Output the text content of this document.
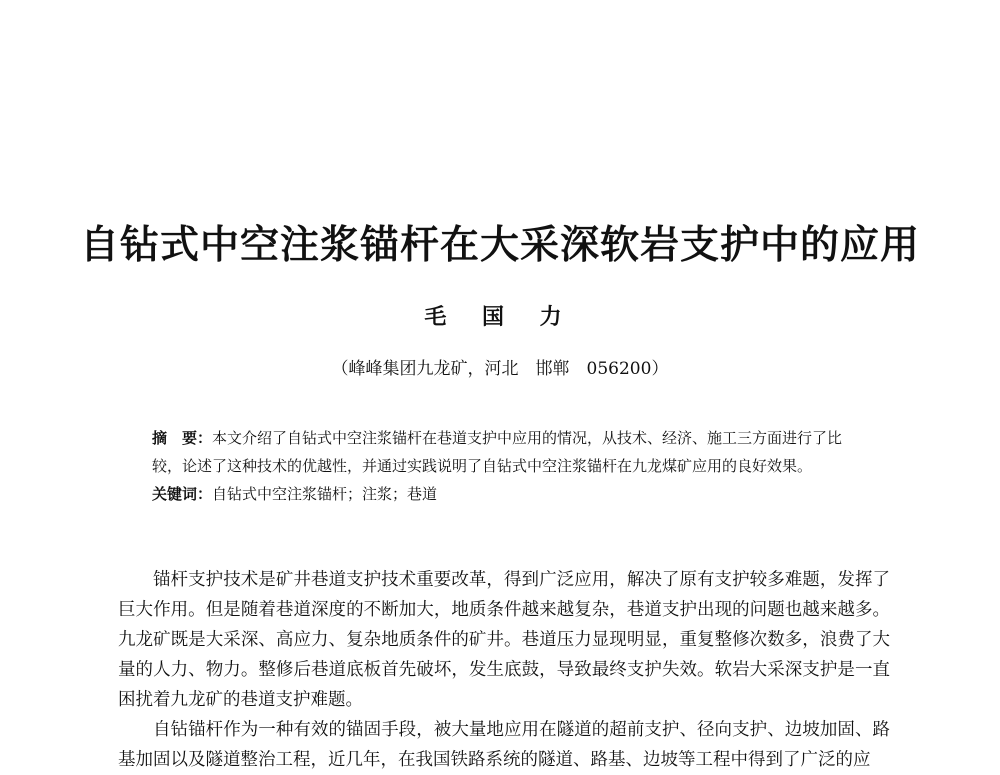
自钻式中空注浆锚杆在大采深软岩支护中的应用
毛 国 力
（峰峰集团九龙矿，河北　邯郸　056200）

摘　要：本文介绍了自钻式中空注浆锚杆在巷道支护中应用的情况，从技术、经济、施工三方面进行了比较，论述了这种技术的优越性，并通过实践说明了自钻式中空注浆锚杆在九龙煤矿应用的良好效果。

关键词：自钻式中空注浆锚杆；注浆；巷道

锚杆支护技术是矿井巷道支护技术重要改革，得到广泛应用，解决了原有支护较多难题，发挥了巨大作用。但是随着巷道深度的不断加大，地质条件越来越复杂，巷道支护出现的问题也越来越多。九龙矿既是大采深、高应力、复杂地质条件的矿井。巷道压力显现明显，重复整修次数多，浪费了大量的人力、物力。整修后巷道底板首先破坏，发生底鼓，导致最终支护失效。软岩大采深支护是一直困扰着九龙矿的巷道支护难题。

自钻锚杆作为一种有效的锚固手段，被大量地应用在隧道的超前支护、径向支护、边坡加固、路基加固以及隧道整治工程，近几年，在我国铁路系统的隧道、路基、边坡等工程中得到了广泛的应
